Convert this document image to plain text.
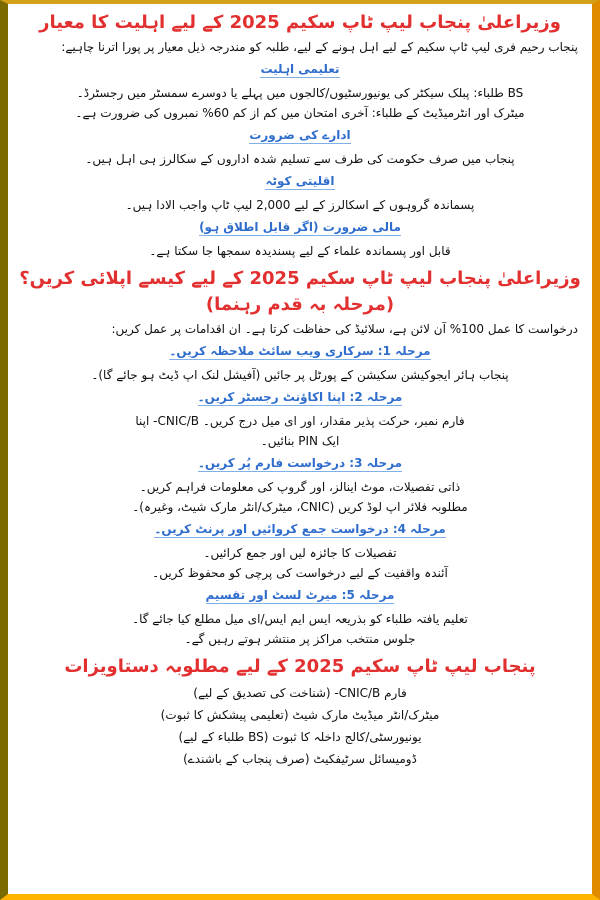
وزیراعلیٰ پنجاب لیپ ٹاپ سکیم 2025 کے لیے اہلیت کا معیار
پنجاب رحیم فری لیپ ٹاپ سکیم کے لیے اہل ہونے کے لیے، طلبہ کو مندرجہ ذیل معیار پر پورا اترنا چاہیے:
تعلیمی اہلیت
BS طلباء: پبلک سیکٹر کی یونیورسٹیوں/کالجوں میں پہلے یا دوسرے سمسٹر میں رجسٹرڈ۔
میٹرک اور انٹرمیڈیٹ کے طلباء: آخری امتحان میں کم از کم 60% نمبروں کی ضرورت ہے۔
ادارے کی ضرورت
پنجاب میں صرف حکومت کی طرف سے تسلیم شدہ اداروں کے سکالرز ہی اہل ہیں۔
اقلیتی کوٹہ
پسماندہ گروہوں کے اسکالرز کے لیے 2,000 لیپ ٹاپ واجب الادا ہیں۔
مالی ضرورت (اگر قابل اطلاق ہو)
قابل اور پسماندہ علماء کے لیے پسندیدہ سمجھا جا سکتا ہے۔
وزیراعلیٰ پنجاب لیپ ٹاپ سکیم 2025 کے لیے کیسے اپلائی کریں؟ (مرحلہ بہ قدم رہنما)
درخواست کا عمل 100% آن لائن ہے، سلائیڈ کی حفاظت کرتا ہے۔ ان اقدامات پر عمل کریں:
مرحلہ 1: سرکاری ویب سائٹ ملاحظہ کریں۔
پنجاب ہائر ایجوکیشن سکیشن کے پورٹل پر جائیں (آفیشل لنک اپ ڈیٹ ہو جائے گا)۔
مرحلہ 2: اپنا اکاؤنٹ رجسٹر کریں۔
فارم نمبر، حرکت پذیر مقدار، اور ای میل درج کریں۔ CNIC/B- اپنا
ایک PIN بنائیں۔
مرحلہ 3: درخواست فارم پُر کریں۔
ذاتی تفصیلات، موٹ اینالز، اور گروپ کی معلومات فراہم کریں۔
مطلوبہ فلائر اپ لوڈ کریں (CNIC، میٹرک/انٹر مارک شیٹ، وغیرہ)۔
مرحلہ 4: درخواست جمع کروائیں اور پرنٹ کریں۔
تفصیلات کا جائزہ لیں اور جمع کرائیں۔
آئندہ واقفیت کے لیے درخواست کی پرچی کو محفوظ کریں۔
مرحلہ 5: میرٹ لسٹ اور تقسیم
تعلیم یافتہ طلباء کو بذریعہ ایس ایم ایس/ای میل مطلع کیا جائے گا۔
جلوس منتخب مراکز پر منتشر ہوتے رہیں گے۔
پنجاب لیپ ٹاپ سکیم 2025 کے لیے مطلوبہ دستاویزات
فارم CNIC/B- (شناخت کی تصدیق کے لیے)
میٹرک/انٹر میڈیٹ مارک شیٹ (تعلیمی پیشکش کا ثبوت)
یونیورسٹی/کالج داخلہ کا ثبوت (BS طلباء کے لیے)
ڈومیسائل سرٹیفکیٹ (صرف پنجاب کے باشندے)
